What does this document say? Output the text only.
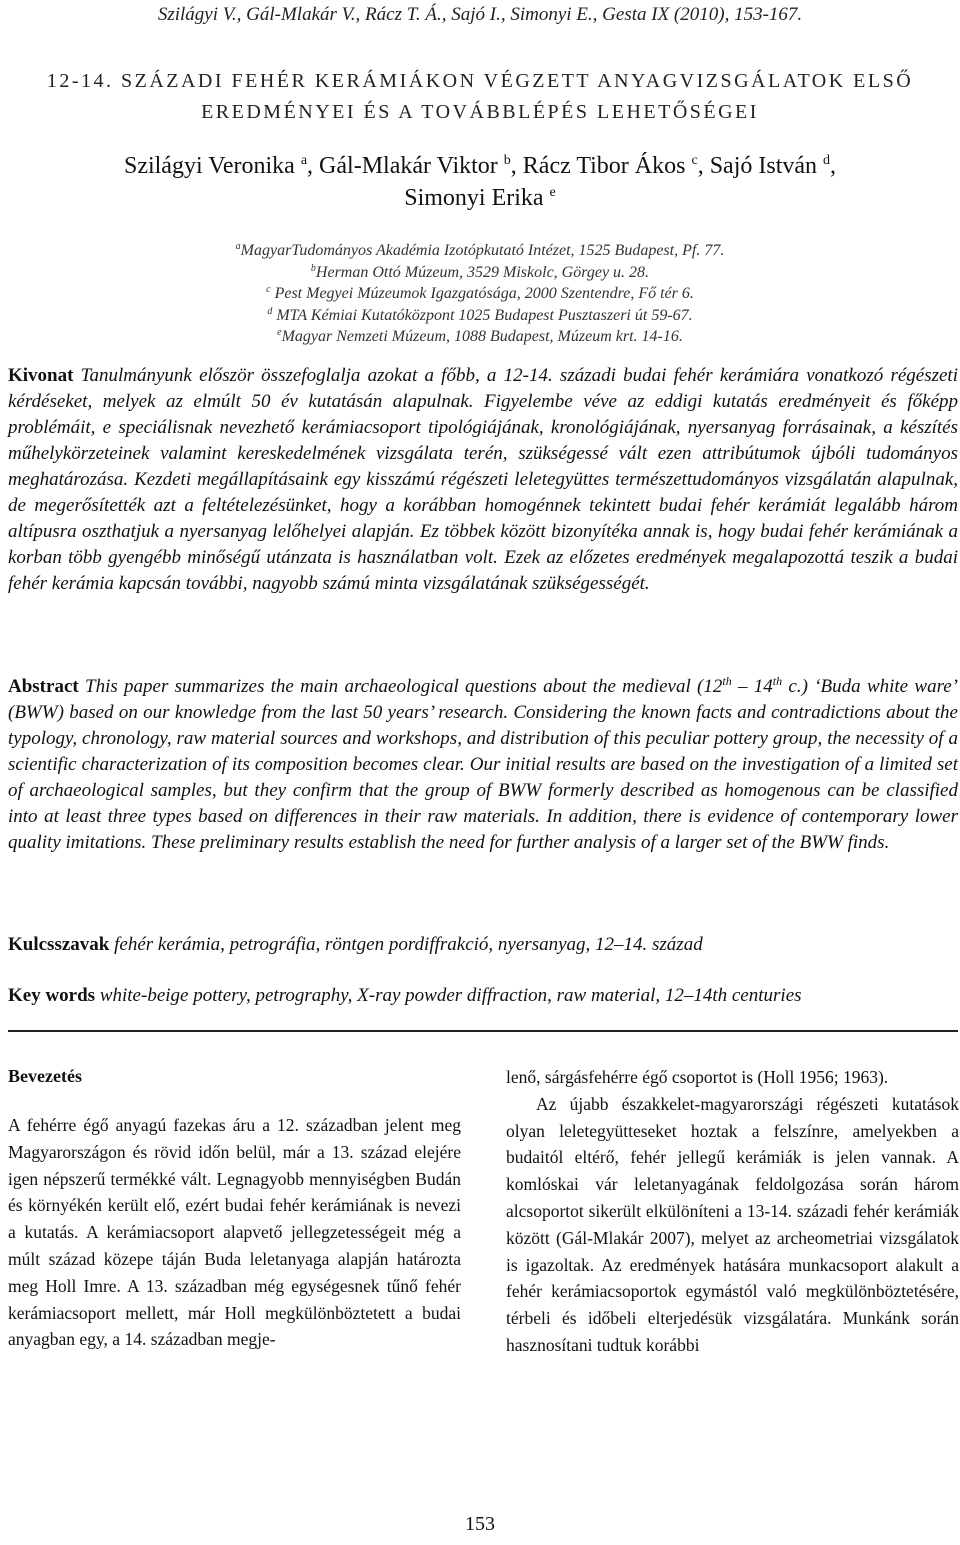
Szilágyi V., Gál-Mlakár V., Rácz T. Á., Sajó I., Simonyi E., Gesta IX (2010), 153-167.
12-14. SZÁZADI FEHÉR KERÁMIÁKON VÉGZETT ANYAGVIZSGÁLATOK ELSŐ
EREDMÉNYEI ÉS A TOVÁBBLÉPÉS LEHETŐSÉGEI
Szilágyi Veronika $^a$, Gál-Mlakár Viktor $^b$, Rácz Tibor Ákos $^c$, Sajó István $^d$,
Simonyi Erika $^e$
$^a$MagyarTudományos Akadémia Izotópkutató Intézet, 1525 Budapest, Pf. 77.
$^b$Herman Ottó Múzeum, 3529 Miskolc, Görgey u. 28.
$^c$ Pest Megyei Múzeumok Igazgatósága, 2000 Szentendre, Fő tér 6.
$^d$ MTA Kémiai Kutatóközpont 1025 Budapest Pusztaszeri út 59-67.
$^e$Magyar Nemzeti Múzeum, 1088 Budapest, Múzeum krt. 14-16.
Kivonat Tanulmányunk először összefoglalja azokat a főbb, a 12-14. századi budai fehér kerámiára vonatkozó régészeti kérdéseket, melyek az elmúlt 50 év kutatásán alapulnak. Figyelembe véve az eddigi kutatás eredményeit és főképp problémáit, e speciálisnak nevezhető kerámiacsoport tipológiájának, kronológiájának, nyersanyag forrásainak, a készítés műhelykörzeteinek valamint kereskedelmének vizsgálata terén, szükségessé vált ezen attribútumok újbóli tudományos meghatározása. Kezdeti megállapításaink egy kisszámú régészeti leletegyüttes természettudományos vizsgálatán alapulnak, de megerősítették azt a feltételezésünket, hogy a korábban homogénnek tekintett budai fehér kerámiát legalább három altípusra oszthatjuk a nyersanyag lelőhelyei alapján. Ez többek között bizonyítéka annak is, hogy budai fehér kerámiának a korban több gyengébb minőségű utánzata is használatban volt. Ezek az előzetes eredmények megalapozottá teszik a budai fehér kerámia kapcsán további, nagyobb számú minta vizsgálatának szükségességét.
Abstract This paper summarizes the main archaeological questions about the medieval (12th – 14th c.) ‘Buda white ware’ (BWW) based on our knowledge from the last 50 years’ research. Considering the known facts and contradictions about the typology, chronology, raw material sources and workshops, and distribution of this peculiar pottery group, the necessity of a scientific characterization of its composition becomes clear. Our initial results are based on the investigation of a limited set of archaeological samples, but they confirm that the group of BWW formerly described as homogenous can be classified into at least three types based on differences in their raw materials. In addition, there is evidence of contemporary lower quality imitations. These preliminary results establish the need for further analysis of a larger set of the BWW finds.
Kulcsszavak fehér kerámia, petrográfia, röntgen pordiffrakció, nyersanyag, 12–14. század
Key words white-beige pottery, petrography, X-ray powder diffraction, raw material, 12–14th centuries
Bevezetés

A fehérre égő anyagú fazekas áru a 12. században jelent meg Magyarországon és rövid időn belül, már a 13. század elejére igen népszerű termékké vált. Legnagyobb mennyiségben Budán és környékén került elő, ezért budai fehér kerámiának is nevezi a kutatás. A kerámiacsoport alapvető jellegzetességeit még a múlt század közepe táján Buda leletanyaga alapján határozta meg Holl Imre. A 13. században még egységesnek tűnő fehér kerámiacsoport mellett, már Holl megkülönböztetett a budai anyagban egy, a 14. században megje-

lenő, sárgásfehérre égő csoportot is (Holl 1956; 1963).

Az újabb északkelet-magyarországi régészeti kutatások olyan leletegyütteseket hoztak a felszínre, amelyekben a budaitól eltérő, fehér jellegű kerámiák is jelen vannak. A komlóskai vár leletanyagának feldolgozása során három alcsoportot sikerült elkülöníteni a 13-14. századi fehér kerámiák között (Gál-Mlakár 2007), melyet az archeometriai vizsgálatok is igazoltak. Az eredmények hatására munkacsoport alakult a fehér kerámiacsoportok egymástól való megkülönböztetésére, térbeli és időbeli elterjedésük vizsgálatára. Munkánk során hasznosítani tudtuk korábbi

153
